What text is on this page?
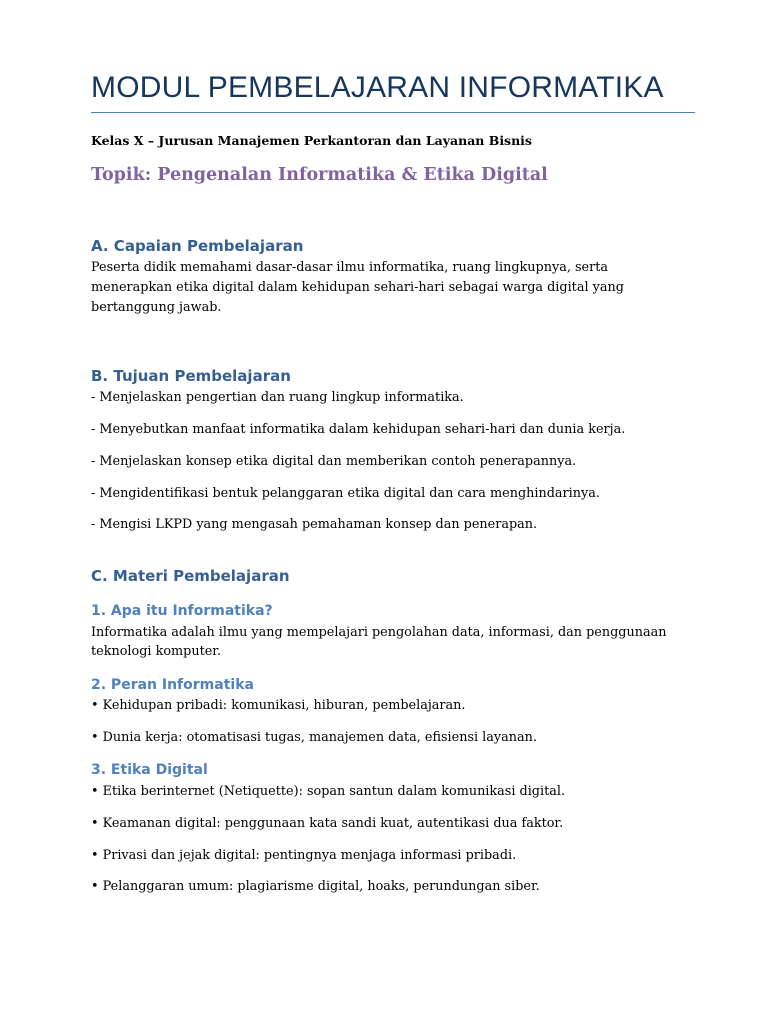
MODUL PEMBELAJARAN INFORMATIKA

Kelas X – Jurusan Manajemen Perkantoran dan Layanan Bisnis

Topik: Pengenalan Informatika & Etika Digital

A. Capaian Pembelajaran

Peserta didik memahami dasar-dasar ilmu informatika, ruang lingkupnya, serta

menerapkan etika digital dalam kehidupan sehari-hari sebagai warga digital yang

bertanggung jawab.

B. Tujuan Pembelajaran

- Menjelaskan pengertian dan ruang lingkup informatika.

- Menyebutkan manfaat informatika dalam kehidupan sehari-hari dan dunia kerja.

- Menjelaskan konsep etika digital dan memberikan contoh penerapannya.

- Mengidentifikasi bentuk pelanggaran etika digital dan cara menghindarinya.

- Mengisi LKPD yang mengasah pemahaman konsep dan penerapan.

C. Materi Pembelajaran
1. Apa itu Informatika?

Informatika adalah ilmu yang mempelajari pengolahan data, informasi, dan penggunaan

teknologi komputer.

2. Peran Informatika

• Kehidupan pribadi: komunikasi, hiburan, pembelajaran.

• Dunia kerja: otomatisasi tugas, manajemen data, efisiensi layanan.

3. Etika Digital

• Etika berinternet (Netiquette): sopan santun dalam komunikasi digital.

• Keamanan digital: penggunaan kata sandi kuat, autentikasi dua faktor.

• Privasi dan jejak digital: pentingnya menjaga informasi pribadi.

• Pelanggaran umum: plagiarisme digital, hoaks, perundungan siber.
